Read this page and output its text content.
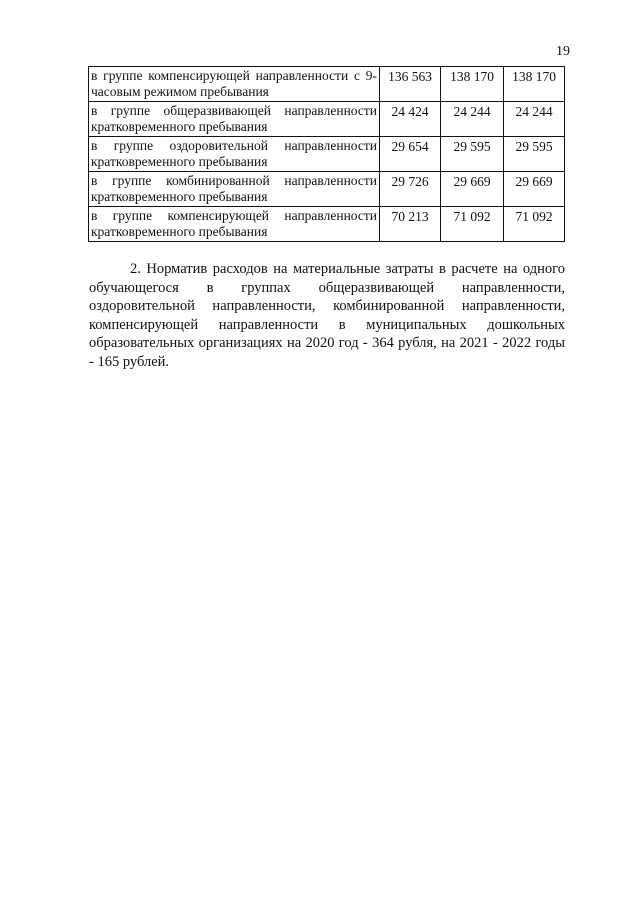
19
в группе компенсирующей направленности с 9-часовым режимом пребывания	136 563	138 170	138 170
в группе общеразвивающей направленности кратковременного пребывания	24 424	24 244	24 244
в группе оздоровительной направленности кратковременного пребывания	29 654	29 595	29 595
в группе комбинированной направленности кратковременного пребывания	29 726	29 669	29 669
в группе компенсирующей направленности кратковременного пребывания	70 213	71 092	71 092

2. Норматив расходов на материальные затраты в расчете на одного обучающегося в группах общеразвивающей направленности, оздоровительной направленности, комбинированной направленности, компенсирующей направленности в муниципальных дошкольных образовательных организациях на 2020 год - 364 рубля, на 2021 - 2022 годы - 165 рублей.
